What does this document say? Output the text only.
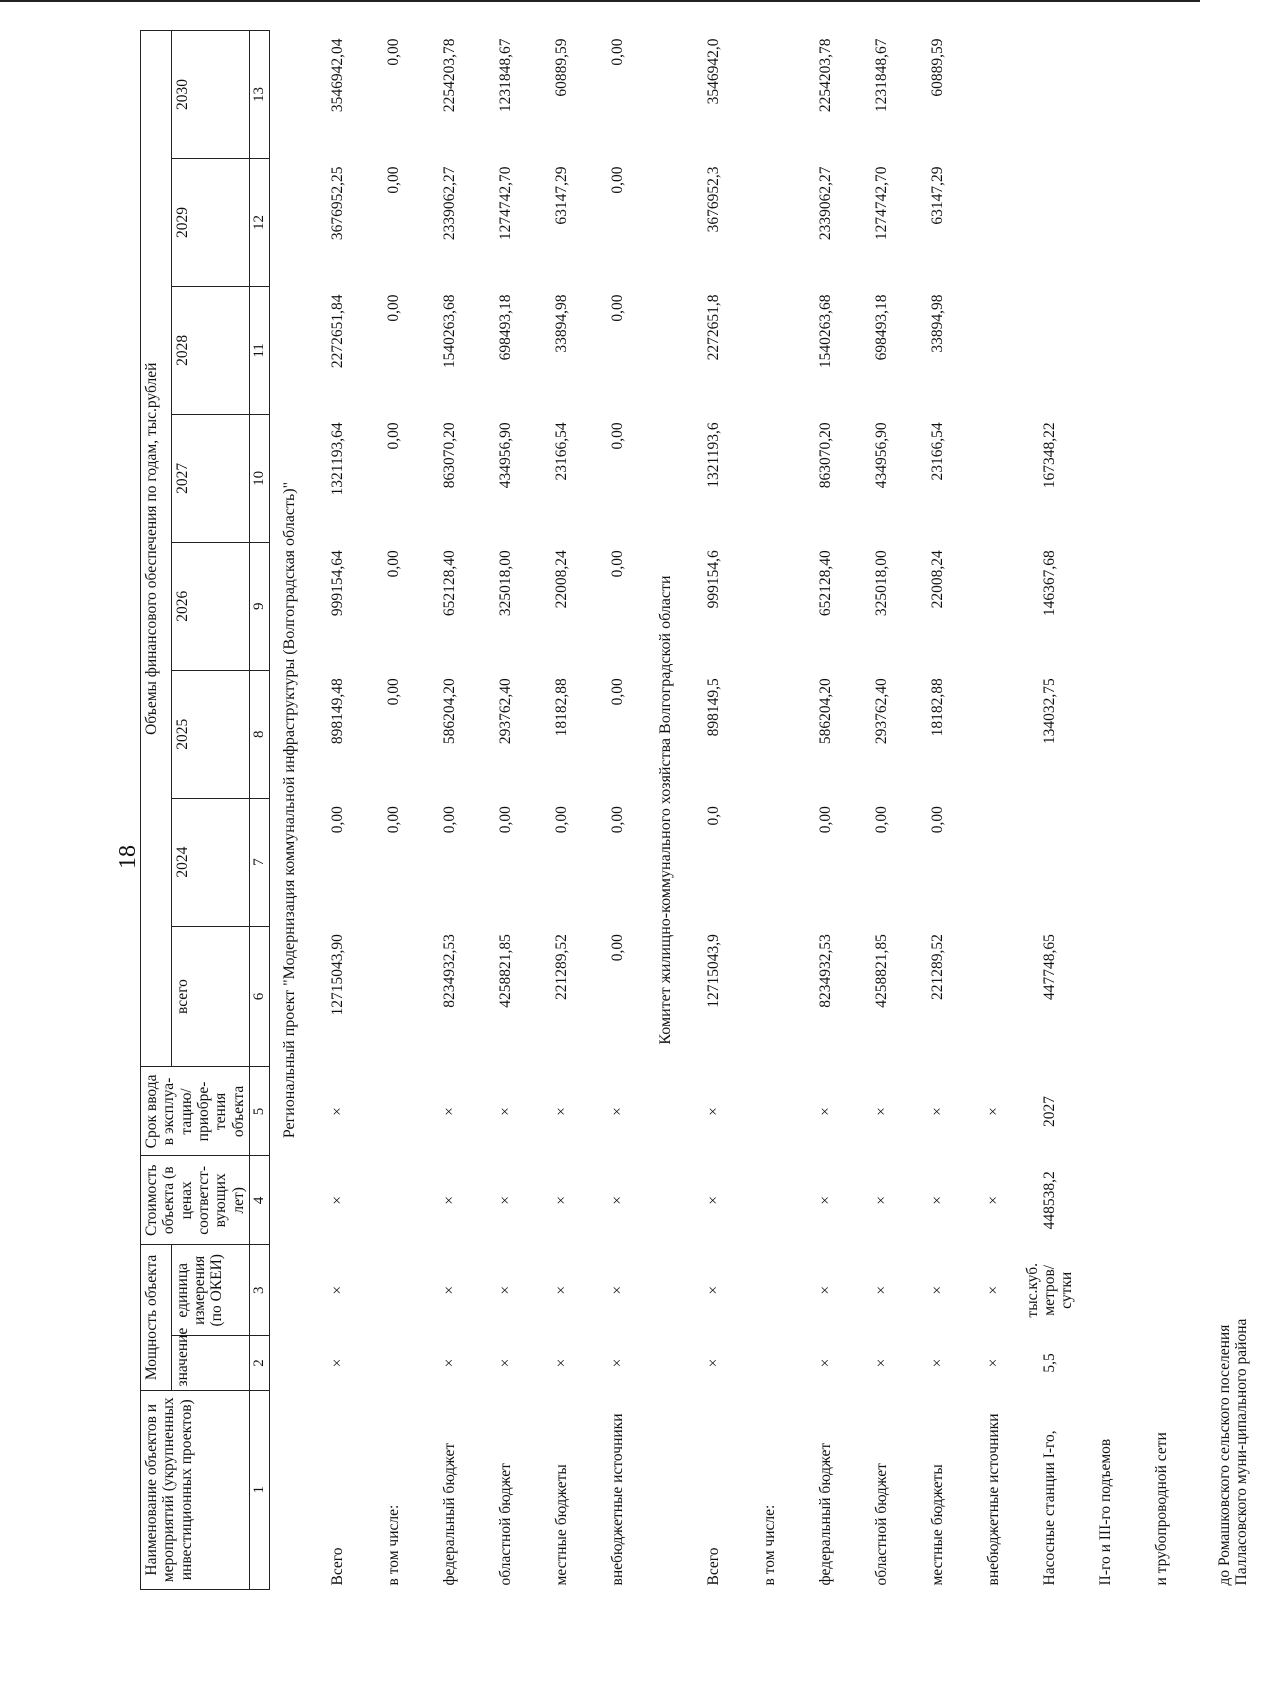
18
Наименование объектов и мероприятий (укрупненных инвестиционных проектов)	Мощность объекта		Стоимость объекта (в ценах соответст-вующих лет)	Срок ввода в эксплуа-тацию/ приобре-тения объекта	Объемы финансового обеспечения по годам, тыс.рублей							
	значение	единица измерения (по ОКЕИ)			всего	2024	2025	2026	2027	2028	2029	2030
1	2	3	4	5	6	7	8	9	10	11	12	13
Региональный проект "Модернизация коммунальной инфраструктуры (Волгоградская область)"												
Всего	×	×	×	×	12715043,90	0,00	898149,48	999154,64	1321193,64	2272651,84	3676952,25	3546942,04
в том числе:						0,00	0,00	0,00	0,00	0,00	0,00	0,00
федеральный бюджет	×	×	×	×	8234932,53	0,00	586204,20	652128,40	863070,20	1540263,68	2339062,27	2254203,78
областной бюджет	×	×	×	×	4258821,85	0,00	293762,40	325018,00	434956,90	698493,18	1274742,70	1231848,67
местные бюджеты	×	×	×	×	221289,52	0,00	18182,88	22008,24	23166,54	33894,98	63147,29	60889,59
внебюджетные источники	×	×	×	×	0,00	0,00	0,00	0,00	0,00	0,00	0,00	0,00
Комитет жилищно-коммунального хозяйства Волгоградской области												
Всего	×	×	×	×	12715043,9	0,0	898149,5	999154,6	1321193,6	2272651,8	3676952,3	3546942,0
в том числе:												
федеральный бюджет	×	×	×	×	8234932,53	0,00	586204,20	652128,40	863070,20	1540263,68	2339062,27	2254203,78
областной бюджет	×	×	×	×	4258821,85	0,00	293762,40	325018,00	434956,90	698493,18	1274742,70	1231848,67
местные бюджеты	×	×	×	×	221289,52	0,00	18182,88	22008,24	23166,54	33894,98	63147,29	60889,59
внебюджетные источники	×	×	×	×								
Насосные станции I-го,	5,5	тыс.куб. метров/ сутки	448538,2	2027	447748,65		134032,75	146367,68	167348,22			
II-го и III-го подъемов												
и трубопроводной сети												
до Ромашковского сельского поселения Палласовского муни-ципального района												
